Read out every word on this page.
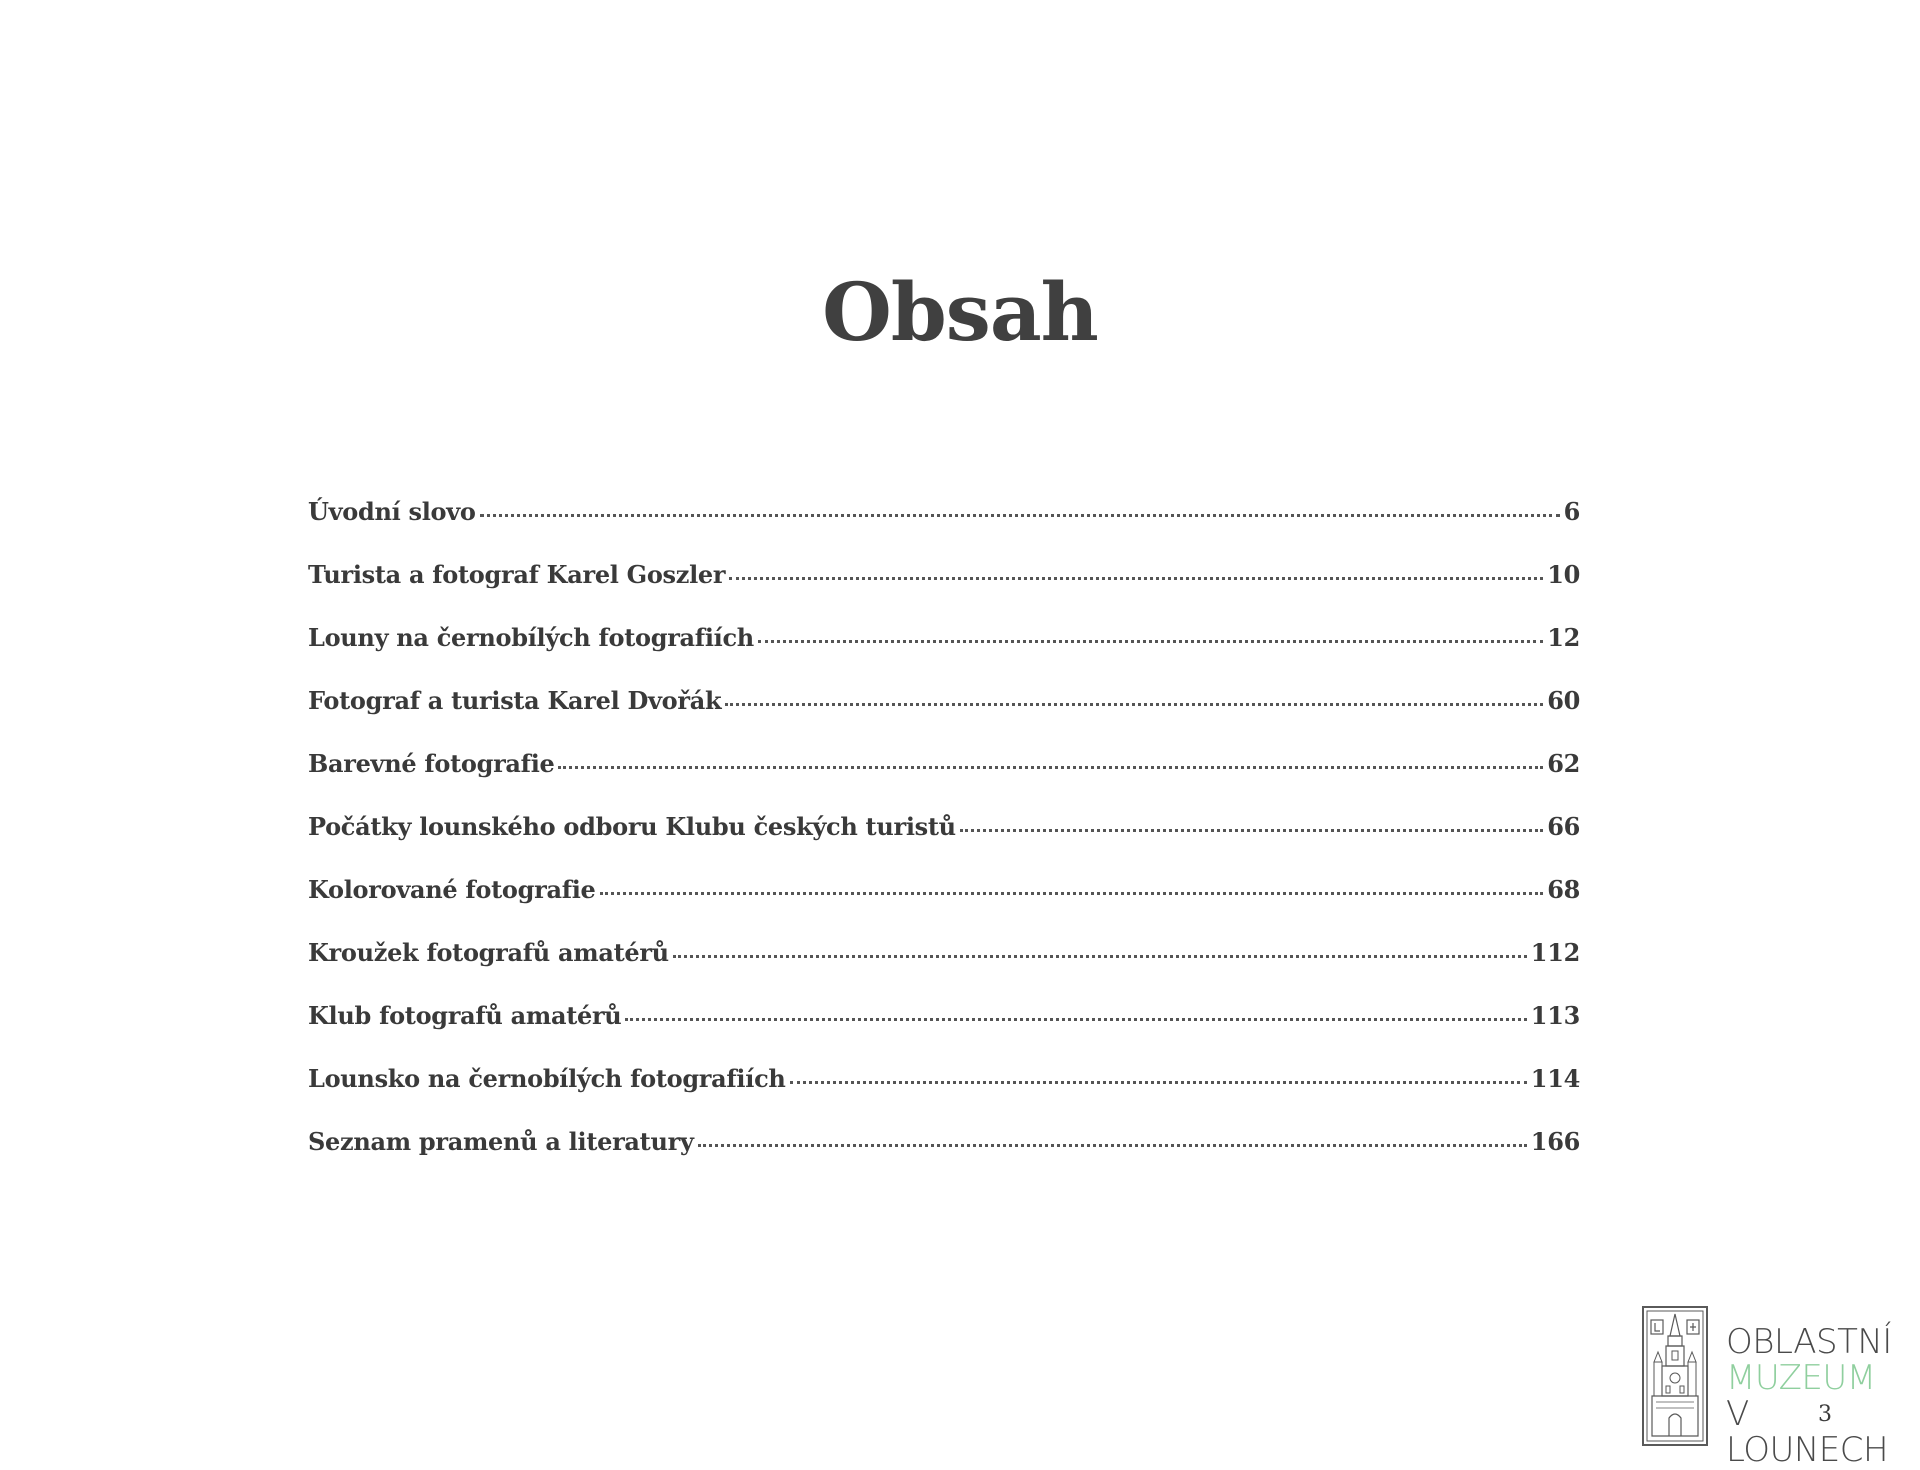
Obsah
Úvodní slovo	6
Turista a fotograf Karel Goszler	10
Louny na černobílých fotografiích	12
Fotograf a turista Karel Dvořák	60
Barevné fotografie	62
Počátky lounského odboru Klubu českých turistů	66
Kolorované fotografie	68
Kroužek fotografů amatérů	112
Klub fotografů amatérů	113
Lounsko na černobílých fotografiích	114
Seznam pramenů a literatury	166
OBLASTNÍ
MUZEUM
V LOUNECH
3
